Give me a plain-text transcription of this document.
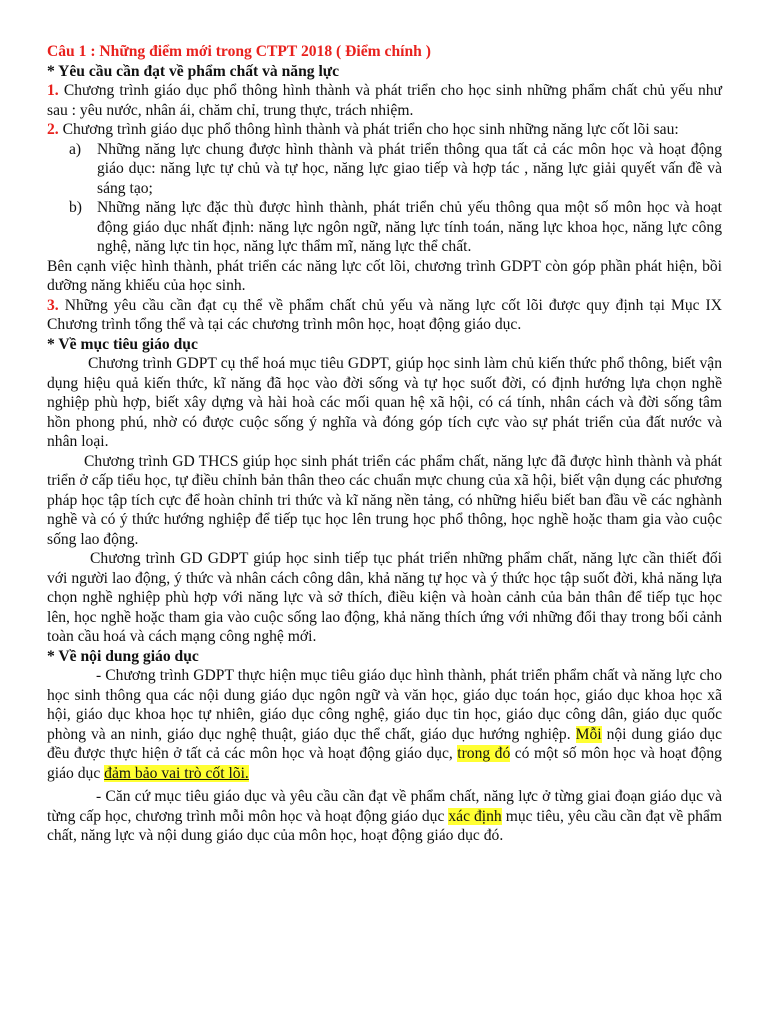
Câu 1 : Những điểm mới trong CTPT 2018 ( Điểm chính )

* Yêu cầu cần đạt về phẩm chất và năng lực

1. Chương trình giáo dục phổ thông hình thành và phát triển cho học sinh những phẩm chất chủ yếu như sau : yêu nước, nhân ái, chăm chỉ, trung thực, trách nhiệm.

2. Chương trình giáo dục phổ thông hình thành và phát triển cho học sinh những năng lực cốt lõi sau:

a) Những năng lực chung được hình thành và phát triển thông qua tất cả các môn học và hoạt động giáo dục: năng lực tự chủ và tự học, năng lực giao tiếp và hợp tác , năng lực giải quyết vấn đề và sáng tạo;

b) Những năng lực đặc thù được hình thành, phát triển chủ yếu thông qua một số môn học và hoạt động giáo dục nhất định: năng lực ngôn ngữ, năng lực tính toán, năng lực khoa học, năng lực công nghệ, năng lực tin học, năng lực thẩm mĩ, năng lực thể chất.

Bên cạnh việc hình thành, phát triển các năng lực cốt lõi, chương trình GDPT còn góp phần phát hiện, bồi dưỡng năng khiếu của học sinh.

3. Những yêu cầu cần đạt cụ thể về phẩm chất chủ yếu và năng lực cốt lõi được quy định tại Mục IX Chương trình tổng thể và tại các chương trình môn học, hoạt động giáo dục.

* Về mục tiêu giáo dục

Chương trình GDPT cụ thể hoá mục tiêu GDPT, giúp học sinh làm chủ kiến thức phổ thông, biết vận dụng hiệu quả kiến thức, kĩ năng đã học vào đời sống và tự học suốt đời, có định hướng lựa chọn nghề nghiệp phù hợp, biết xây dựng và hài hoà các mối quan hệ xã hội, có cá tính, nhân cách và đời sống tâm hồn phong phú, nhờ có được cuộc sống ý nghĩa và đóng góp tích cực vào sự phát triển của đất nước và nhân loại.

Chương trình GD THCS giúp học sinh phát triển các phẩm chất, năng lực đã được hình thành và phát triển ở cấp tiểu học, tự điều chỉnh bản thân theo các chuẩn mực chung của xã hội, biết vận dụng các phương pháp học tập tích cực để hoàn chỉnh tri thức và kĩ năng nền tảng, có những hiểu biết ban đầu về các nghành nghề và có ý thức hướng nghiệp để tiếp tục học lên trung học phổ thông, học nghề hoặc tham gia vào cuộc sống lao động.

Chương trình GD GDPT giúp học sinh tiếp tục phát triển những phẩm chất, năng lực cần thiết đối với người lao động, ý thức và nhân cách công dân, khả năng tự học và ý thức học tập suốt đời, khả năng lựa chọn nghề nghiệp phù hợp với năng lực và sở thích, điều kiện và hoàn cảnh của bản thân để tiếp tục học lên, học nghề hoặc tham gia vào cuộc sống lao động, khả năng thích ứng với những đổi thay trong bối cảnh toàn cầu hoá và cách mạng công nghệ mới.

* Về nội dung giáo dục

- Chương trình GDPT thực hiện mục tiêu giáo dục hình thành, phát triển phẩm chất và năng lực cho học sinh thông qua các nội dung giáo dục ngôn ngữ và văn học, giáo dục toán học, giáo dục khoa học xã hội, giáo dục khoa học tự nhiên, giáo dục công nghệ, giáo dục tin học, giáo dục công dân, giáo dục quốc phòng và an ninh, giáo dục nghệ thuật, giáo dục thể chất, giáo dục hướng nghiệp. Mỗi nội dung giáo dục đều được thực hiện ở tất cả các môn học và hoạt động giáo dục, trong đó có một số môn học và hoạt động giáo dục đảm bảo vai trò cốt lõi.

- Căn cứ mục tiêu giáo dục và yêu cầu cần đạt về phẩm chất, năng lực ở từng giai đoạn giáo dục và từng cấp học, chương trình mỗi môn học và hoạt động giáo dục xác định mục tiêu, yêu cầu cần đạt về phẩm chất, năng lực và nội dung giáo dục của môn học, hoạt động giáo dục đó.
